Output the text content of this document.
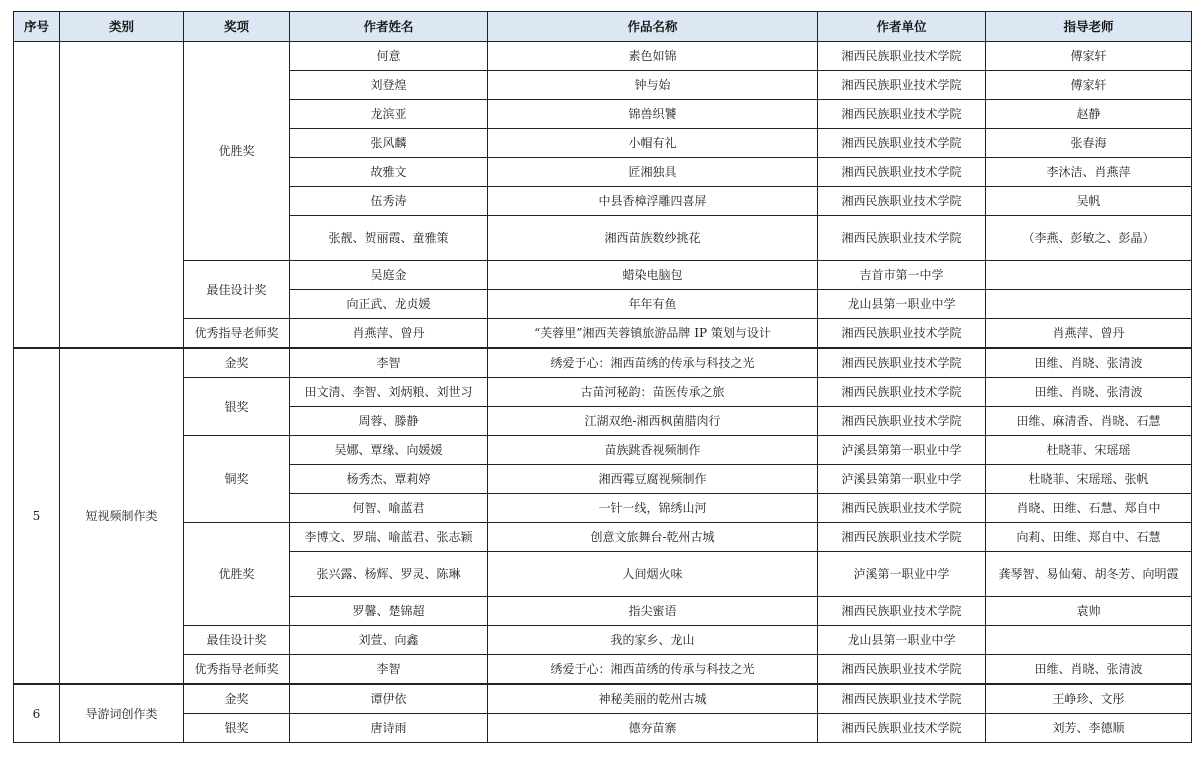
序号	类别	奖项	作者姓名	作品名称	作者单位	指导老师
		优胜奖	何意	素色如锦	湘西民族职业技术学院	傅家轩
			刘登煌	钟与始	湘西民族职业技术学院	傅家轩
			龙滨亚	锦兽织饕	湘西民族职业技术学院	赵静
			张风麟	小帽有礼	湘西民族职业技术学院	张春海
			故雅文	匠湘独具	湘西民族职业技术学院	李沐洁、肖燕萍
			伍秀涛	中县香樟浮雕四喜屏	湘西民族职业技术学院	吴帆
			张靓、贺丽霞、童雅策	湘西苗族数纱挑花	湘西民族职业技术学院	（李燕、彭敏之、彭晶）
		最佳设计奖	吴庭金	蜡染电脑包	吉首市第一中学	
			向正武、龙贞媛	年年有鱼	龙山县第一职业中学	
		优秀指导老师奖	肖燕萍、曾丹	“芙蓉里”湘西芙蓉镇旅游品牌 IP 策划与设计	湘西民族职业技术学院	肖燕萍、曾丹
5	短视频制作类	金奖	李智	绣爱于心：湘西苗绣的传承与科技之光	湘西民族职业技术学院	田维、肖晓、张清波
		银奖	田文清、李智、刘炳粮、刘世习	古苗河秘韵：苗医传承之旅	湘西民族职业技术学院	田维、肖晓、张清波
			周蓉、滕静	江湖双绝-湘西枫菌腊肉行	湘西民族职业技术学院	田维、麻清香、肖晓、石慧
		铜奖	吴娜、覃缘、向媛媛	苗族跳香视频制作	泸溪县第第一职业中学	杜晓菲、宋瑶瑶
			杨秀杰、覃莉婷	湘西霉豆腐视频制作	泸溪县第第一职业中学	杜晓菲、宋瑶瑶、张帆
			何智、喻蓝君	一针一线，锦绣山河	湘西民族职业技术学院	肖晓、田维、石慧、郑自中
		优胜奖	李博文、罗瑞、喻蓝君、张志颖	创意文旅舞台-乾州古城	湘西民族职业技术学院	向莉、田维、郑自中、石慧
			张兴露、杨辉、罗灵、陈琳	人间烟火味	泸溪第一职业中学	龚琴智、易仙菊、胡冬芳、向明霞
			罗馨、楚锦超	指尖蜜语	湘西民族职业技术学院	袁帅
		最佳设计奖	刘萱、向鑫	我的家乡、龙山	龙山县第一职业中学	
		优秀指导老师奖	李智	绣爱于心：湘西苗绣的传承与科技之光	湘西民族职业技术学院	田维、肖晓、张清波
6	导游词创作类	金奖	谭伊依	神秘美丽的乾州古城	湘西民族职业技术学院	王峥珍、文彤
		银奖	唐诗雨	德夯苗寨	湘西民族职业技术学院	刘芳、李德顺
